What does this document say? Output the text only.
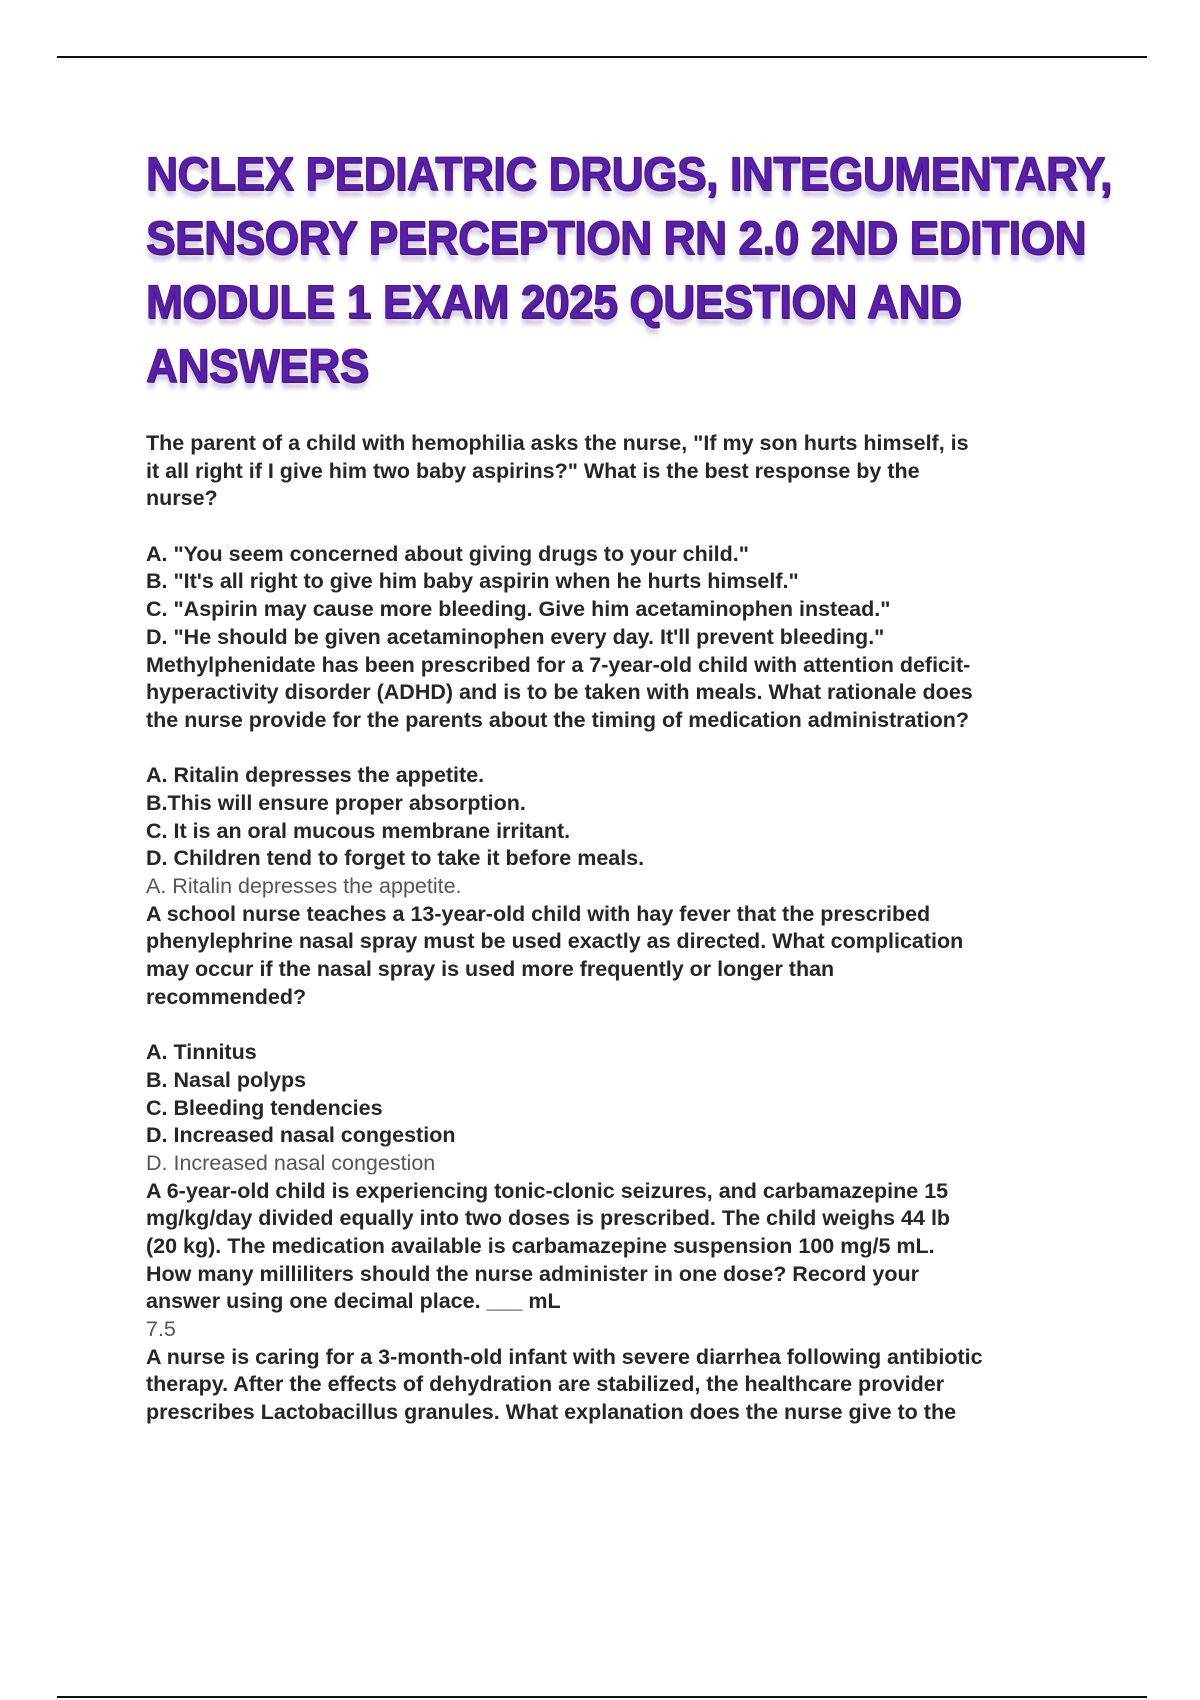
NCLEX PEDIATRIC DRUGS, INTEGUMENTARY,
SENSORY PERCEPTION RN 2.0 2ND EDITION
MODULE 1 EXAM 2025 QUESTION AND
ANSWERS
The parent of a child with hemophilia asks the nurse, "If my son hurts himself, is
it all right if I give him two baby aspirins?" What is the best response by the
nurse?
A. "You seem concerned about giving drugs to your child."
B. "It's all right to give him baby aspirin when he hurts himself."
C. "Aspirin may cause more bleeding. Give him acetaminophen instead."
D. "He should be given acetaminophen every day. It'll prevent bleeding."
Methylphenidate has been prescribed for a 7-year-old child with attention deficit-
hyperactivity disorder (ADHD) and is to be taken with meals. What rationale does
the nurse provide for the parents about the timing of medication administration?
A. Ritalin depresses the appetite.
B.This will ensure proper absorption.
C. It is an oral mucous membrane irritant.
D. Children tend to forget to take it before meals.
A. Ritalin depresses the appetite.
A school nurse teaches a 13-year-old child with hay fever that the prescribed
phenylephrine nasal spray must be used exactly as directed. What complication
may occur if the nasal spray is used more frequently or longer than
recommended?
A. Tinnitus
B. Nasal polyps
C. Bleeding tendencies
D. Increased nasal congestion
D. Increased nasal congestion
A 6-year-old child is experiencing tonic-clonic seizures, and carbamazepine 15
mg/kg/day divided equally into two doses is prescribed. The child weighs 44 lb
(20 kg). The medication available is carbamazepine suspension 100 mg/5 mL.
How many milliliters should the nurse administer in one dose? Record your
answer using one decimal place. ___ mL
7.5
A nurse is caring for a 3-month-old infant with severe diarrhea following antibiotic
therapy. After the effects of dehydration are stabilized, the healthcare provider
prescribes Lactobacillus granules. What explanation does the nurse give to the
